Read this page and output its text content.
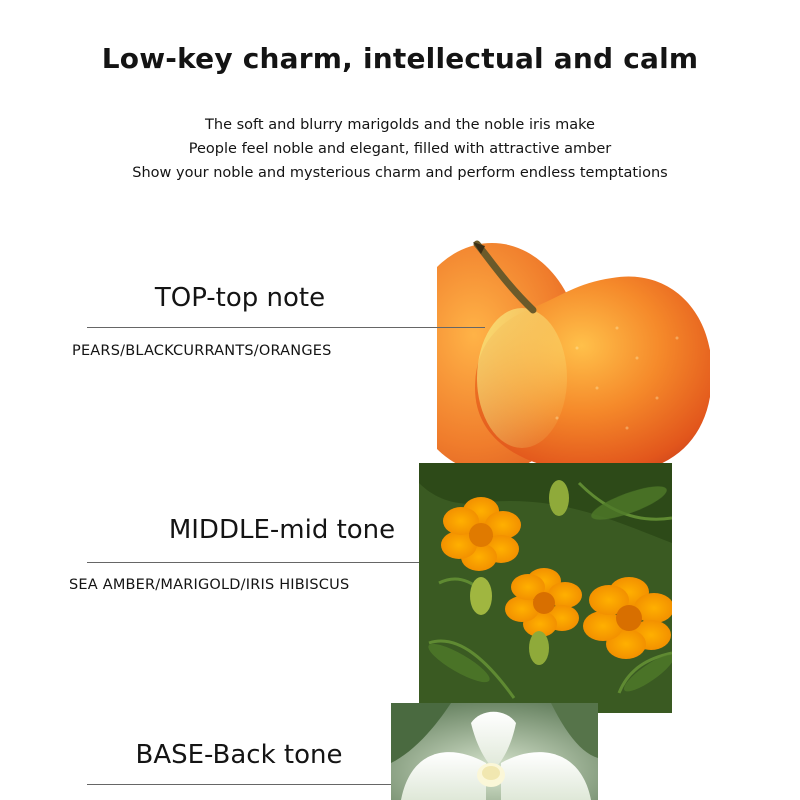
Low-key charm, intellectual and calm
The soft and blurry marigolds and the noble iris make
People feel noble and elegant, filled with attractive amber
Show your noble and mysterious charm and perform endless temptations
TOP-top note
PEARS/BLACKCURRANTS/ORANGES
MIDDLE-mid tone
SEA AMBER/MARIGOLD/IRIS HIBISCUS
BASE-Back tone
